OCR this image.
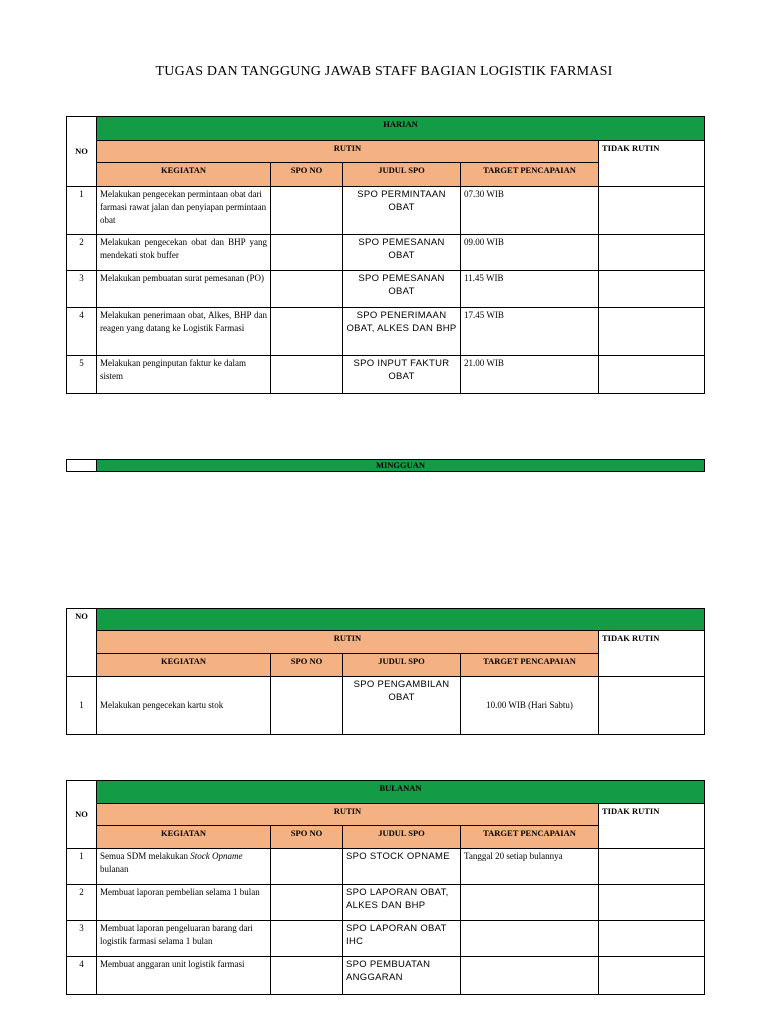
TUGAS DAN TANGGUNG JAWAB STAFF BAGIAN LOGISTIK FARMASI
NO	HARIAN				
	RUTIN				TIDAK RUTIN
	KEGIATAN	SPO NO	JUDUL SPO	TARGET PENCAPAIAN	
1	Melakukan pengecekan permintaan obat dari farmasi rawat jalan dan penyiapan permintaan obat		SPO PERMINTAAN OBAT	07.30 WIB	
2	Melakukan pengecekan obat dan BHP yang mendekati stok buffer		SPO PEMESANAN OBAT	09.00 WIB	
3	Melakukan pembuatan surat pemesanan (PO)		SPO PEMESANAN OBAT	11.45 WIB	
4	Melakukan penerimaan obat, Alkes, BHP dan reagen yang datang ke Logistik Farmasi		SPO PENERIMAAN OBAT, ALKES DAN BHP	17.45 WIB	
5	Melakukan penginputan faktur ke dalam sistem		SPO INPUT FAKTUR OBAT	21.00 WIB	
	MINGGUAN
NO					
	RUTIN				TIDAK RUTIN
	KEGIATAN	SPO NO	JUDUL SPO	TARGET PENCAPAIAN	
1	Melakukan pengecekan kartu stok		SPO PENGAMBILAN OBAT	10.00 WIB (Hari Sabtu)	
NO	BULANAN				
	RUTIN				TIDAK RUTIN
	KEGIATAN	SPO NO	JUDUL SPO	TARGET PENCAPAIAN	
1	Semua SDM melakukan Stock Opname bulanan		SPO STOCK OPNAME	Tanggal 20 setiap bulannya	
2	Membuat laporan pembelian selama 1 bulan		SPO LAPORAN OBAT, ALKES DAN BHP		
3	Membuat laporan pengeluaran barang dari logistik farmasi selama 1 bulan		SPO LAPORAN OBAT IHC		
4	Membuat anggaran unit logistik farmasi		SPO PEMBUATAN ANGGARAN		
